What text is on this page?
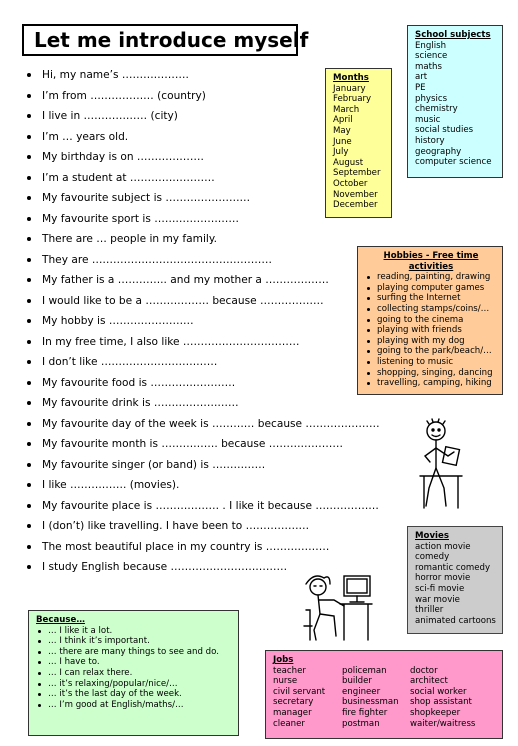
Let me introduce myself
Hi, my name’s ……………….
I’m from ……………… (country)
I live in ……………… (city)
I’m … years old.
My birthday is on ……………….
I’m a student at ……………………
My favourite subject is ……………………
My favourite sport is ……………………
There are … people in my family.
They are ……………………………………………
My father is a ………….. and my mother a ………………
I would like to be a ……………… because ………………
My hobby is ……………………
In my free time, I also like ……………………………
I don’t like ……………………………
My favourite food is ……………………
My favourite drink is ……………………
My favourite day of the week is ………… because …………………
My favourite month is ……………. because …………………
My favourite singer (or band) is ……………
I like ……………. (movies).
My favourite place is ……………… . I like it because ………………
I (don’t) like travelling. I have been to ………………
The most beautiful place in my country is ………………
I study English because ……………………………
School subjects
English
science
maths
art
PE
physics
chemistry
music
social studies
history
geography
computer science
Months
January
February
March
April
May
June
July
August
September
October
November
December
Hobbies - Free time activities
reading, painting, drawing
playing computer games
surfing the Internet
collecting stamps/coins/…
going to the cinema
playing with friends
playing with my dog
going to the park/beach/…
listening to music
shopping, singing, dancing
travelling, camping, hiking
Movies
action movie
comedy
romantic comedy
horror movie
sci-fi movie
war movie
thriller
animated cartoons
Because…
… I like it a lot.
… I think it’s important.
… there are many things to see and do.
… I have to.
… I can relax there.
… it’s relaxing/popular/nice/…
… it’s the last day of the week.
… I’m good at English/maths/…
Jobs
teacher
nurse
civil servant
secretary
manager
cleaner
policeman
builder
engineer
businessman
fire fighter
postman
doctor
architect
social worker
shop assistant
shopkeeper
waiter/waitress
